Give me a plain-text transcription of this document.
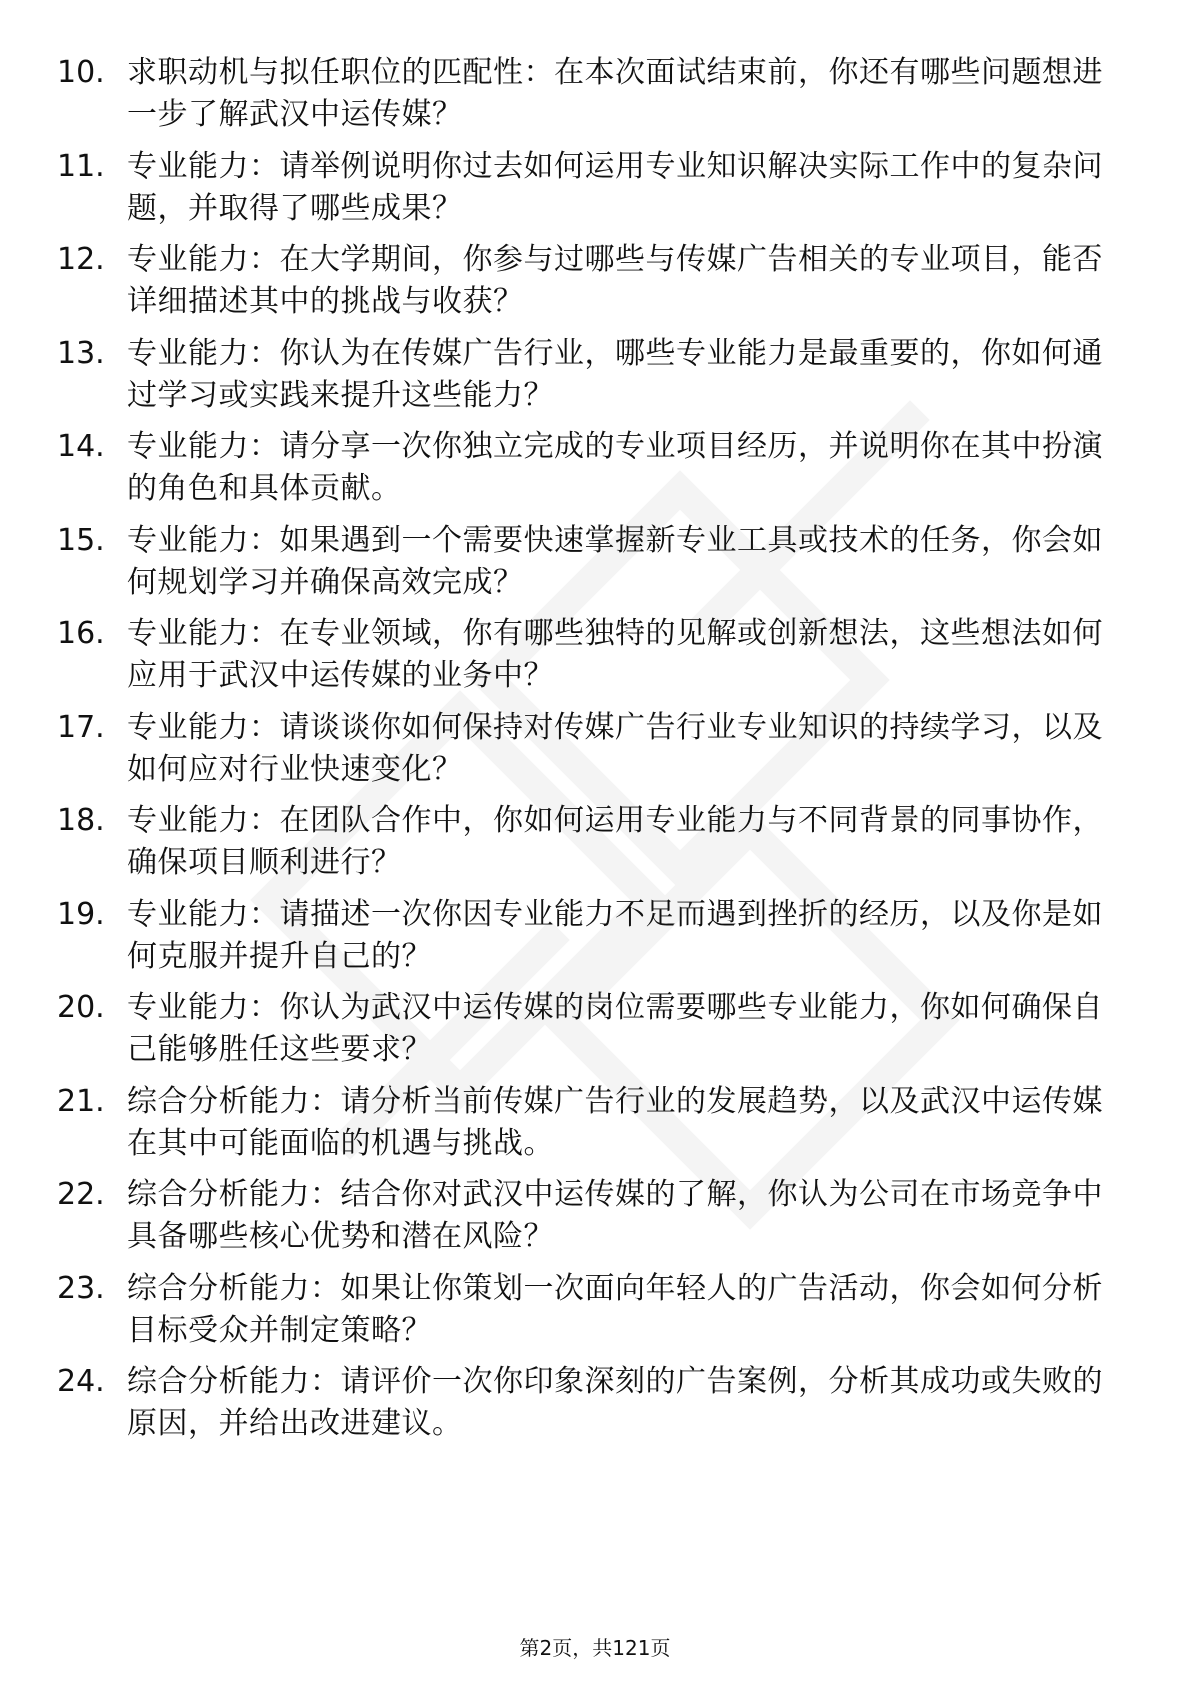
10. 求职动机与拟任职位的匹配性：在本次面试结束前，你还有哪些问题想进一步了解武汉中运传媒？
11. 专业能力：请举例说明你过去如何运用专业知识解决实际工作中的复杂问题，并取得了哪些成果？
12. 专业能力：在大学期间，你参与过哪些与传媒广告相关的专业项目，能否详细描述其中的挑战与收获？
13. 专业能力：你认为在传媒广告行业，哪些专业能力是最重要的，你如何通过学习或实践来提升这些能力？
14. 专业能力：请分享一次你独立完成的专业项目经历，并说明你在其中扮演的角色和具体贡献。
15. 专业能力：如果遇到一个需要快速掌握新专业工具或技术的任务，你会如何规划学习并确保高效完成？
16. 专业能力：在专业领域，你有哪些独特的见解或创新想法，这些想法如何应用于武汉中运传媒的业务中？
17. 专业能力：请谈谈你如何保持对传媒广告行业专业知识的持续学习，以及如何应对行业快速变化？
18. 专业能力：在团队合作中，你如何运用专业能力与不同背景的同事协作，确保项目顺利进行？
19. 专业能力：请描述一次你因专业能力不足而遇到挫折的经历，以及你是如何克服并提升自己的？
20. 专业能力：你认为武汉中运传媒的岗位需要哪些专业能力，你如何确保自己能够胜任这些要求？
21. 综合分析能力：请分析当前传媒广告行业的发展趋势，以及武汉中运传媒在其中可能面临的机遇与挑战。
22. 综合分析能力：结合你对武汉中运传媒的了解，你认为公司在市场竞争中具备哪些核心优势和潜在风险？
23. 综合分析能力：如果让你策划一次面向年轻人的广告活动，你会如何分析目标受众并制定策略？
24. 综合分析能力：请评价一次你印象深刻的广告案例，分析其成功或失败的原因，并给出改进建议。
第2页，共121页
